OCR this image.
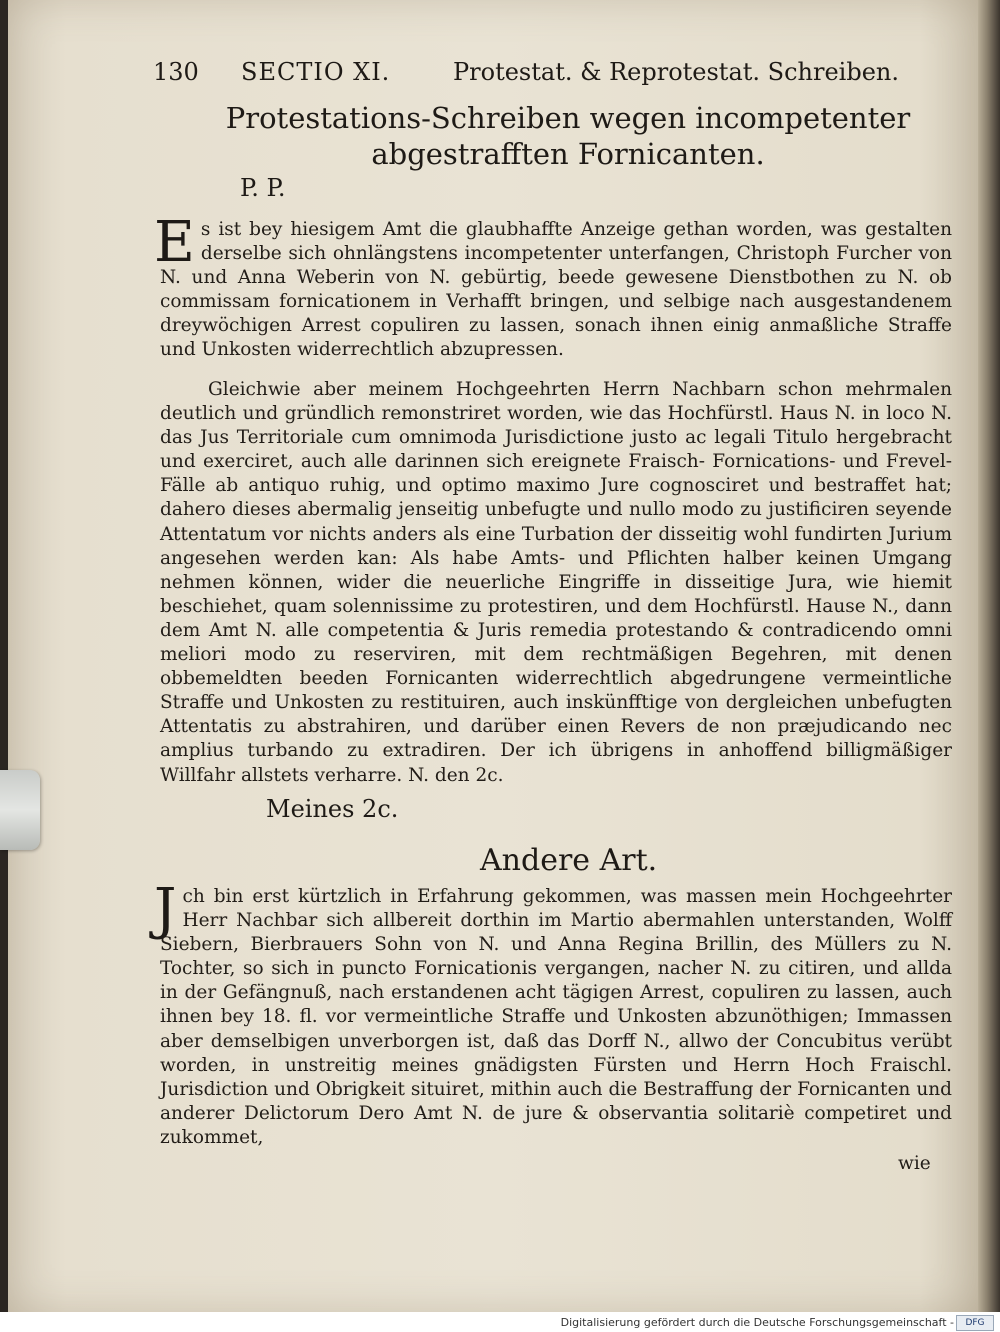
130 SECTIO XI.	Protestat. & Reprotestat. Schreiben.
Protestations-Schreiben wegen incompetenter abgestrafften Fornicanten.
P. P.

Es ist bey hiesigem Amt die glaubhaffte Anzeige gethan worden, was gestalten derselbe sich ohnlängstens incompetenter unterfangen, Christoph Furcher von N. und Anna Weberin von N. gebürtig, beede gewesene Dienstbothen zu N. ob commissam fornicationem in Verhafft bringen, und selbige nach ausgestandenem dreywöchigen Arrest copuliren zu lassen, sonach ihnen einig anmaßliche Straffe und Unkosten widerrechtlich abzupressen.

Gleichwie aber meinem Hochgeehrten Herrn Nachbarn schon mehrmalen deutlich und gründlich remonstriret worden, wie das Hochfürstl. Haus N. in loco N. das Jus Territoriale cum omnimoda Jurisdictione justo ac legali Titulo hergebracht und exerciret, auch alle darinnen sich ereignete Fraisch- Fornications- und Frevel-Fälle ab antiquo ruhig, und optimo maximo Jure cognosciret und bestraffet hat; dahero dieses abermalig jenseitig unbefugte und nullo modo zu justificiren seyende Attentatum vor nichts anders als eine Turbation der disseitig wohl fundirten Jurium angesehen werden kan: Als habe Amts- und Pflichten halber keinen Umgang nehmen können, wider die neuerliche Eingriffe in disseitige Jura, wie hiemit beschiehet, quam solennissime zu protestiren, und dem Hochfürstl. Hause N., dann dem Amt N. alle competentia & Juris remedia protestando & contradicendo omni meliori modo zu reserviren, mit dem rechtmäßigen Begehren, mit denen obbemeldten beeden Fornicanten widerrechtlich abgedrungene vermeintliche Straffe und Unkosten zu restituiren, auch inskünfftige von dergleichen unbefugten Attentatis zu abstrahiren, und darüber einen Revers de non præjudicando nec amplius turbando zu extradiren. Der ich übrigens in anhoffend billigmäßiger Willfahr allstets verharre. N. den 2c.

Meines 2c.
Andere Art.

Jch bin erst kürtzlich in Erfahrung gekommen, was massen mein Hochgeehrter Herr Nachbar sich allbereit dorthin im Martio abermahlen unterstanden, Wolff Siebern, Bierbrauers Sohn von N. und Anna Regina Brillin, des Müllers zu N. Tochter, so sich in puncto Fornicationis vergangen, nacher N. zu citiren, und allda in der Gefängnuß, nach erstandenen acht tägigen Arrest, copuliren zu lassen, auch ihnen bey 18. fl. vor vermeintliche Straffe und Unkosten abzunöthigen; Immassen aber demselbigen unverborgen ist, daß das Dorff N., allwo der Concubitus verübt worden, in unstreitig meines gnädigsten Fürsten und Herrn Hoch Fraischl. Jurisdiction und Obrigkeit situiret, mithin auch die Bestraffung der Fornicanten und anderer Delictorum Dero Amt N. de jure & observantia solitariè competiret und zukommet,

wie
Digitalisierung gefördert durch die Deutsche Forschungsgemeinschaft -	DFG
